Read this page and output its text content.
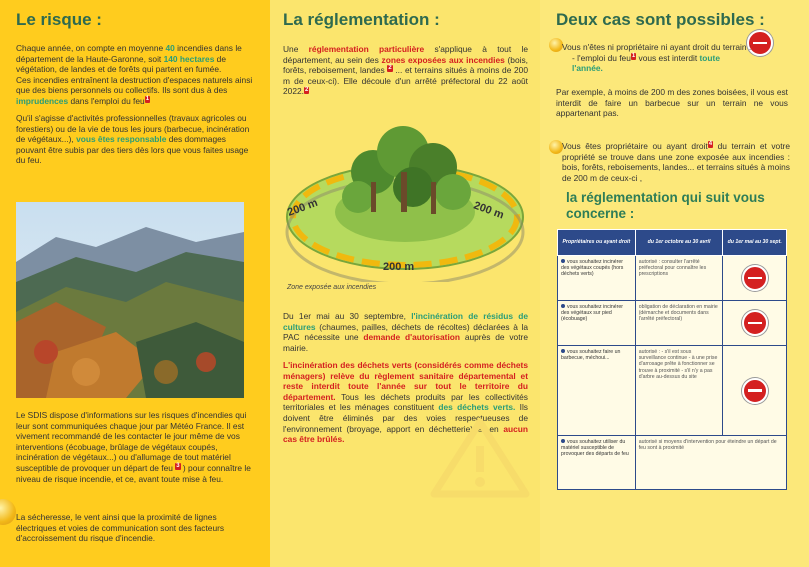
Le risque :

Chaque année, on compte en moyenne 40 incendies dans le département de la Haute-Garonne, soit 140 hectares de végétation, de landes et de forêts qui partent en fumée.

Ces incendies entraînent la destruction d'espaces naturels ainsi que des biens personnels ou collectifs. Ils sont dus à des imprudences dans l'emploi du feu1

Qu'il s'agisse d'activités professionnelles (travaux agricoles ou forestiers) ou de la vie de tous les jours (barbecue, incinération de végétaux...), vous êtes responsable des dommages pouvant être subis par des tiers dès lors que vous faites usage du feu.

Le SDIS dispose d'informations sur les risques d'incendies qui leur sont communiquées chaque jour par Météo France. Il est vivement recommandé de les contacter le jour même de vos interventions (écobuage, brûlage de végétaux coupés, incinération de végétaux...) ou d'allumage de tout matériel susceptible de provoquer un départ de feu 3 ) pour connaître le niveau de risque incendie, et ce, avant toute mise à feu.

La sécheresse, le vent ainsi que la proximité de lignes électriques et voies de communication sont des facteurs d'accroissement du risque d'incendie.

La réglementation :

Une réglementation particulière s'applique à tout le département, au sein des zones exposées aux incendies (bois, forêts, reboisement, landes 2 ... et terrains situés à moins de 200 m de ceux-ci). Elle découle d'un arrêté préfectoral du 22 août 2022.2

200 m
200 m
200 m
Zone exposée aux incendies

Du 1er mai au 30 septembre, l'incinération de résidus de cultures (chaumes, pailles, déchets de récoltes) déclarées à la PAC nécessite une demande d'autorisation auprès de votre mairie.

L'incinération des déchets verts (considérés comme déchets ménagers) relève du règlement sanitaire départemental et reste interdit toute l'année sur tout le territoire du département. Tous les déchets produits par les collectivités territoriales et les ménages constituent des déchets verts. Ils doivent être éliminés par des voies respectueuses de l'environnement (broyage, apport en déchetterie) et en aucun cas être brûlés.

Deux cas sont possibles :

Vous n'êtes ni propriétaire ni ayant droit du terrain :

- l'emploi du feu1 vous est interdit toute l'année.

Par exemple, à moins de 200 m des zones boisées, il vous est interdit de faire un barbecue sur un terrain ne vous appartenant pas.

Vous êtes propriétaire ou ayant droit4 du terrain et votre propriété se trouve dans une zone exposée aux incendies : bois, forêts, reboisements, landes... et terrains situés à moins de 200 m de ceux-ci ,

la réglementation qui suit vous concerne :
Propriétaires ou ayant droit	du 1er octobre au 30 avril	du 1er mai au 30 sept.
vous souhaitez incinérer des végétaux coupés (hors déchets verts)	autorisé : consulter l'arrêté préfectoral pour connaître les prescriptions	

vous souhaitez incinérer des végétaux sur pied (écobuage)	obligation de déclaration en mairie (démarche et documents dans l'arrêté préfectoral)	

vous souhaitez faire un barbecue, méchoui...	autorisé : - s'il est sous surveillance continue - à une prise d'arrosage prête à fonctionner se trouve à proximité - s'il n'y a pas d'arbre au-dessus du site	

vous souhaitez utiliser du matériel susceptible de provoquer des départs de feu	autorisé si moyens d'intervention pour éteindre un départ de feu sont à proximité	
